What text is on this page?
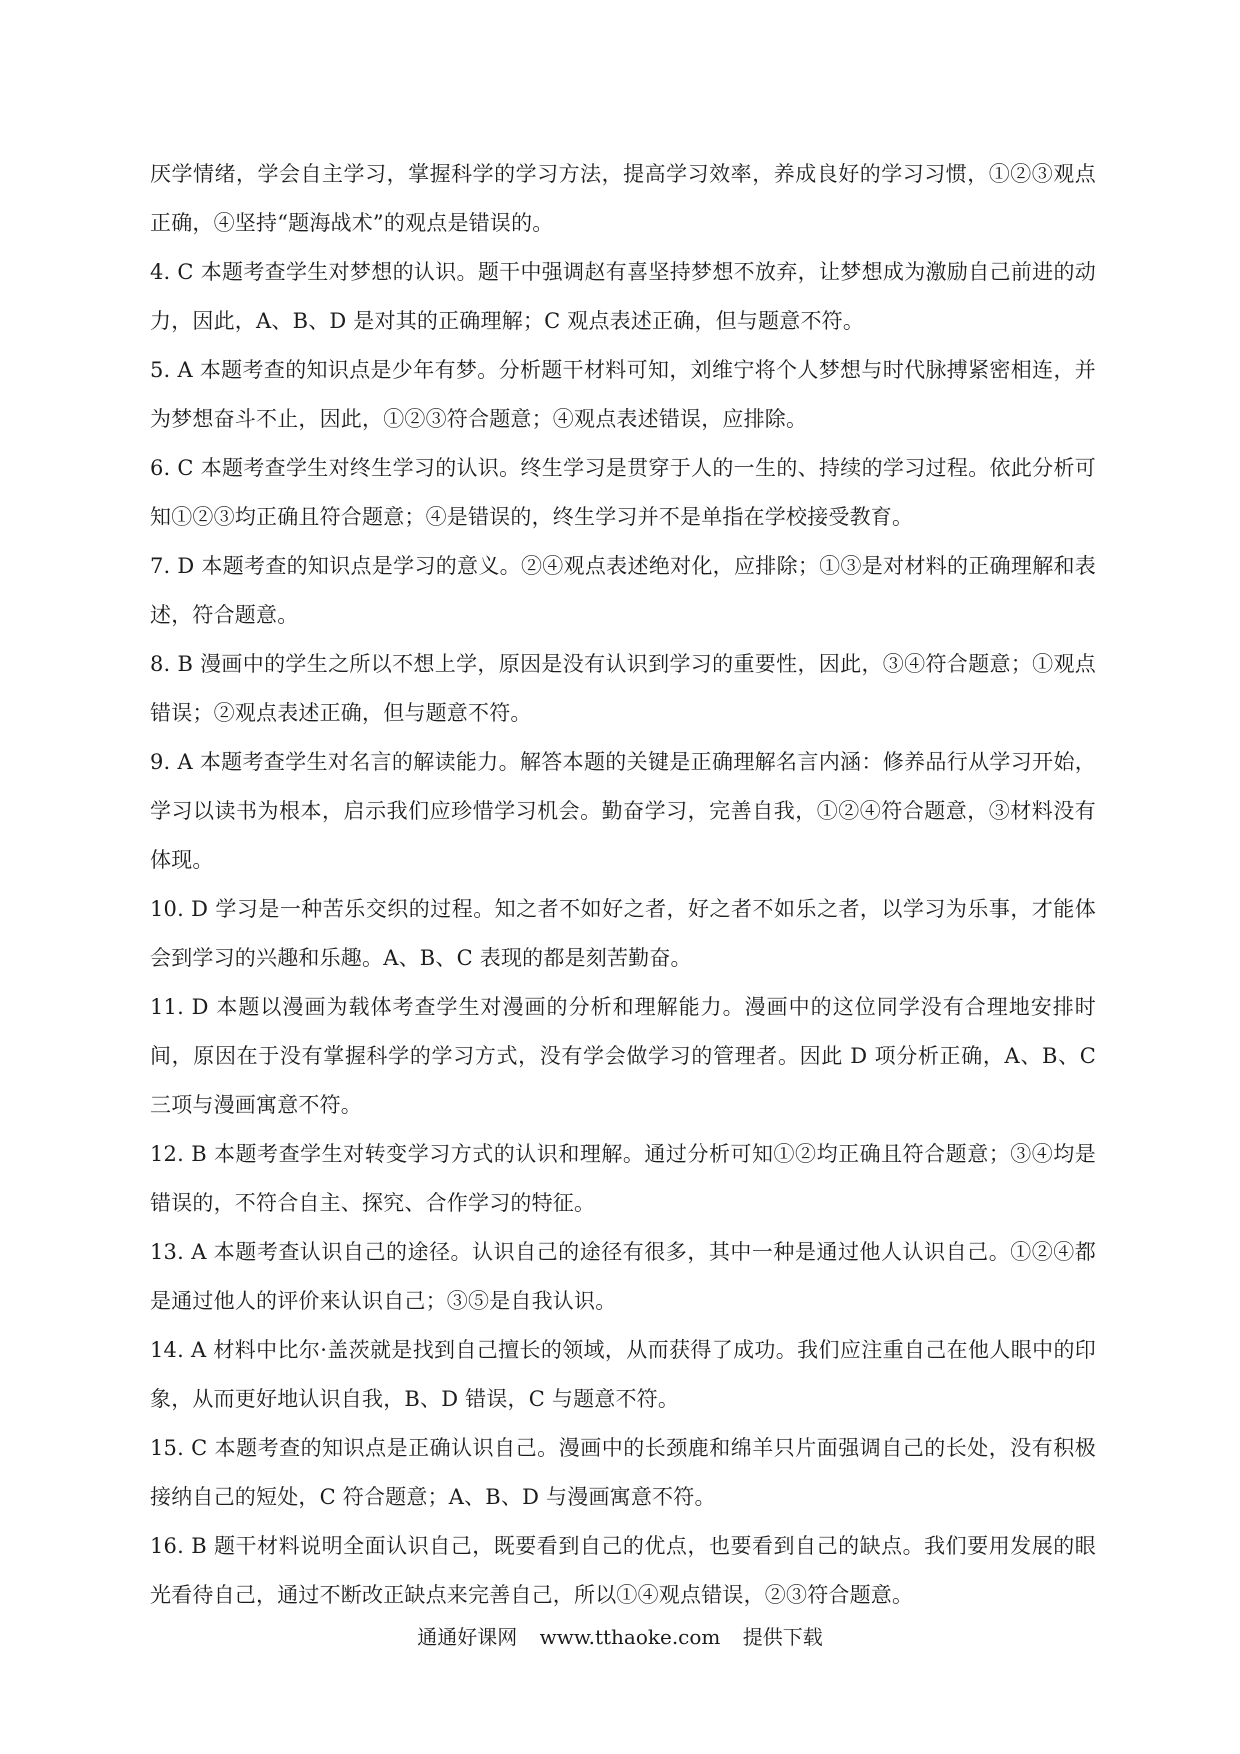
厌学情绪，学会自主学习，掌握科学的学习方法，提高学习效率，养成良好的学习习惯，①②③观点正确，④坚持“题海战术”的观点是错误的。

4. C 本题考查学生对梦想的认识。题干中强调赵有喜坚持梦想不放弃，让梦想成为激励自己前进的动力，因此，A、B、D 是对其的正确理解；C 观点表述正确，但与题意不符。

5. A 本题考查的知识点是少年有梦。分析题干材料可知，刘维宁将个人梦想与时代脉搏紧密相连，并为梦想奋斗不止，因此，①②③符合题意；④观点表述错误，应排除。

6. C 本题考查学生对终生学习的认识。终生学习是贯穿于人的一生的、持续的学习过程。依此分析可知①②③均正确且符合题意；④是错误的，终生学习并不是单指在学校接受教育。

7. D 本题考查的知识点是学习的意义。②④观点表述绝对化，应排除；①③是对材料的正确理解和表述，符合题意。

8. B 漫画中的学生之所以不想上学，原因是没有认识到学习的重要性，因此，③④符合题意；①观点错误；②观点表述正确，但与题意不符。

9. A 本题考查学生对名言的解读能力。解答本题的关键是正确理解名言内涵：修养品行从学习开始，学习以读书为根本，启示我们应珍惜学习机会。勤奋学习，完善自我，①②④符合题意，③材料没有体现。

10. D 学习是一种苦乐交织的过程。知之者不如好之者，好之者不如乐之者，以学习为乐事，才能体会到学习的兴趣和乐趣。A、B、C 表现的都是刻苦勤奋。

11. D 本题以漫画为载体考查学生对漫画的分析和理解能力。漫画中的这位同学没有合理地安排时间，原因在于没有掌握科学的学习方式，没有学会做学习的管理者。因此 D 项分析正确，A、B、C 三项与漫画寓意不符。

12. B 本题考查学生对转变学习方式的认识和理解。通过分析可知①②均正确且符合题意；③④均是错误的，不符合自主、探究、合作学习的特征。

13. A 本题考查认识自己的途径。认识自己的途径有很多，其中一种是通过他人认识自己。①②④都是通过他人的评价来认识自己；③⑤是自我认识。

14. A 材料中比尔·盖茨就是找到自己擅长的领域，从而获得了成功。我们应注重自己在他人眼中的印象，从而更好地认识自我，B、D 错误，C 与题意不符。

15. C 本题考查的知识点是正确认识自己。漫画中的长颈鹿和绵羊只片面强调自己的长处，没有积极接纳自己的短处，C 符合题意；A、B、D 与漫画寓意不符。

16. B 题干材料说明全面认识自己，既要看到自己的优点，也要看到自己的缺点。我们要用发展的眼光看待自己，通过不断改正缺点来完善自己，所以①④观点错误，②③符合题意。

通通好课网 www.tthaoke.com 提供下载
